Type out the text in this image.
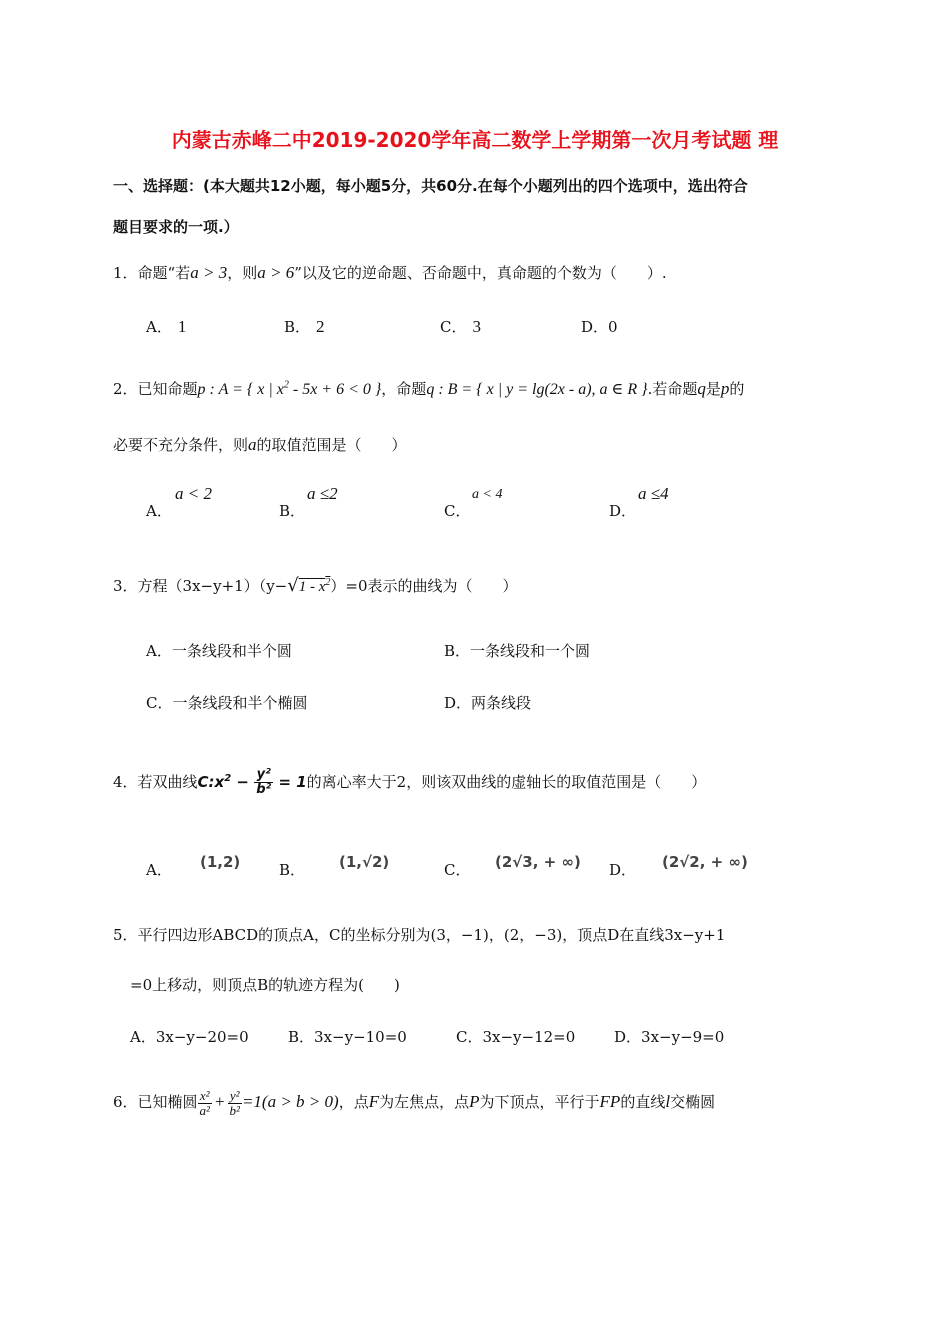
内蒙古赤峰二中2019-2020学年高二数学上学期第一次月考试题 理
一、选择题：(本大题共12小题，每小题5分，共60分.在每个小题列出的四个选项中，选出符合
题目要求的一项.）
1．命题“若a > 3，则a > 6”以及它的逆命题、否命题中，真命题的个数为（　　）.
A． 1	B． 2	C． 3	D．0
2．已知命题p : A = { x | $x^2 - 5x + 6 < 0$ }，命题q : B = { x | y = lg(2x - a), a ∈ R }.若命题q是p的
必要不充分条件，则a的取值范围是（　　）
A．
a < 2
B．
a ≤2
C．
a < 4
D．
a ≤4
3．方程$(3x-y+1)(y-√1 - x^2)=0$表示的曲线为（　　）
A．一条线段和半个圆	B．一条线段和一个圆
C．一条线段和半个椭圆	D．两条线段
4．若双曲线$C:x^2 - \frac{\text{y²}}{\text{b²}} = 1$的离心率大于2，则该双曲线的虚轴长的取值范围是（　　）
A． (1,2)	B． (1,√2)	C． (2√3, + ∞) D． (2√2, + ∞)
5．平行四边形ABCD的顶点A，C的坐标分别为(3，−1)，(2，−3)，顶点D在直线3x−y+1
=0上移动，则顶点B的轨迹方程为(　　)
A．3x−y−20=0	B．3x−y−10=0	C．3x−y−12=0	D．3x−y−9=0
6．已知椭圆 $\frac{\text{x²}}{\text{a²}} + \frac{\text{y²}}{\text{b²}} =1(a > b > 0)$，点F为左焦点，点P为下顶点，平行于FP的直线l交椭圆
